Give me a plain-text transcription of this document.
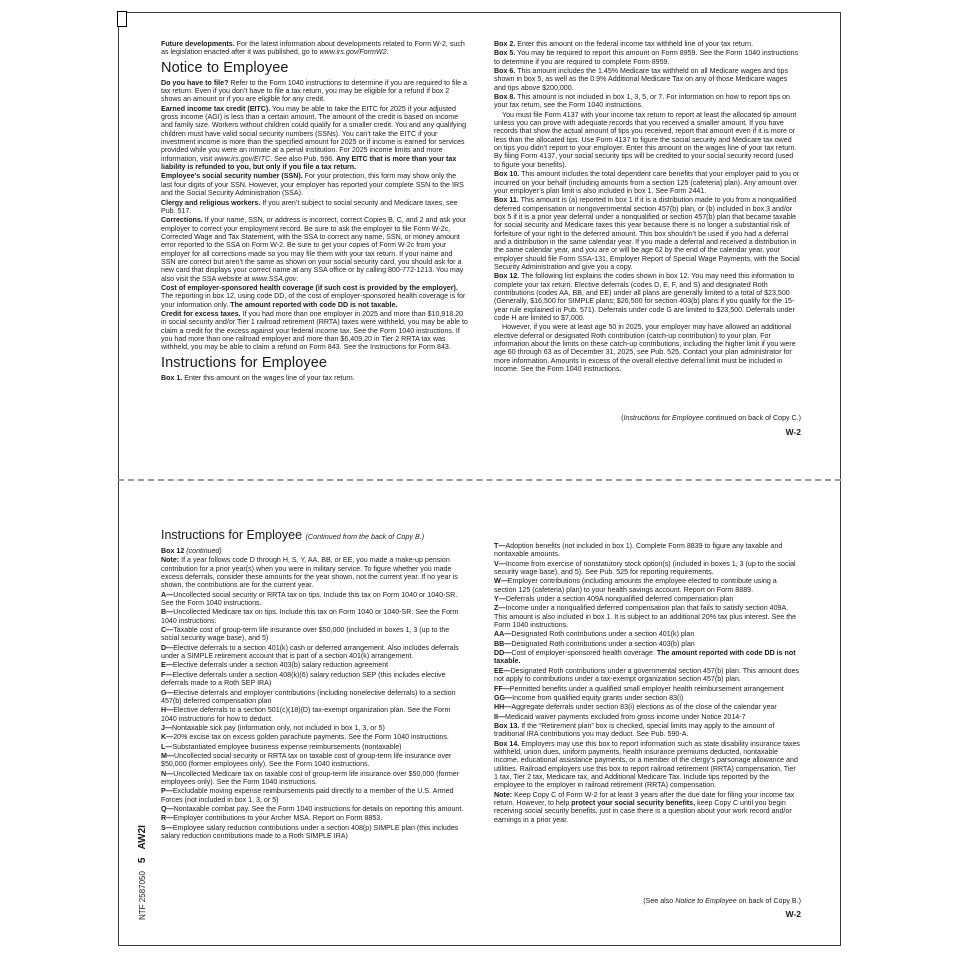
Future developments. For the latest information about developments related to Form W-2, such as legislation enacted after it was published, go to www.irs.gov/FormW2.

Notice to Employee

Do you have to file? Refer to the Form 1040 instructions to determine if you are required to file a tax return. Even if you don’t have to file a tax return, you may be eligible for a refund if box 2 shows an amount or if you are eligible for any credit.

Earned income tax credit (EITC). You may be able to take the EITC for 2025 if your adjusted gross income (AGI) is less than a certain amount. The amount of the credit is based on income and family size. Workers without children could qualify for a smaller credit. You and any qualifying children must have valid social security numbers (SSNs). You can’t take the EITC if your investment income is more than the specified amount for 2025 or if income is earned for services provided while you were an inmate at a penal institution. For 2025 income limits and more information, visit www.irs.gov/EITC. See also Pub. 596. Any EITC that is more than your tax liability is refunded to you, but only if you file a tax return.

Employee’s social security number (SSN). For your protection, this form may show only the last four digits of your SSN. However, your employer has reported your complete SSN to the IRS and the Social Security Administration (SSA).

Clergy and religious workers. If you aren’t subject to social security and Medicare taxes, see Pub. 517.

Corrections. If your name, SSN, or address is incorrect, correct Copies B, C, and 2 and ask your employer to correct your employment record. Be sure to ask the employer to file Form W-2c, Corrected Wage and Tax Statement, with the SSA to correct any name, SSN, or money amount error reported to the SSA on Form W-2. Be sure to get your copies of Form W-2c from your employer for all corrections made so you may file them with your tax return. If your name and SSN are correct but aren’t the same as shown on your social security card, you should ask for a new card that displays your correct name at any SSA office or by calling 800-772-1213. You may also visit the SSA website at www.SSA.gov.

Cost of employer-sponsored health coverage (if such cost is provided by the employer). The reporting in box 12, using code DD, of the cost of employer-sponsored health coverage is for your information only. The amount reported with code DD is not taxable.

Credit for excess taxes. If you had more than one employer in 2025 and more than $10,918.20 in social security and/or Tier 1 railroad retirement (RRTA) taxes were withheld, you may be able to claim a credit for the excess against your federal income tax. See the Form 1040 instructions. If you had more than one railroad employer and more than $6,409.20 in Tier 2 RRTA tax was withheld, you may be able to claim a refund on Form 843. See the Instructions for Form 843.

Instructions for Employee

Box 1. Enter this amount on the wages line of your tax return.

Box 2. Enter this amount on the federal income tax withheld line of your tax return.

Box 5. You may be required to report this amount on Form 8959. See the Form 1040 instructions to determine if you are required to complete Form 8959.

Box 6. This amount includes the 1.45% Medicare tax withheld on all Medicare wages and tips shown in box 5, as well as the 0.9% Additional Medicare Tax on any of those Medicare wages and tips above $200,000.

Box 8. This amount is not included in box 1, 3, 5, or 7. For information on how to report tips on your tax return, see the Form 1040 instructions.

You must file Form 4137 with your income tax return to report at least the allocated tip amount unless you can prove with adequate records that you received a smaller amount. If you have records that show the actual amount of tips you received, report that amount even if it is more or less than the allocated tips. Use Form 4137 to figure the social security and Medicare tax owed on tips you didn’t report to your employer. Enter this amount on the wages line of your tax return. By filing Form 4137, your social security tips will be credited to your social security record (used to figure your benefits).

Box 10. This amount includes the total dependent care benefits that your employer paid to you or incurred on your behalf (including amounts from a section 125 (cafeteria) plan). Any amount over your employer’s plan limit is also included in box 1. See Form 2441.

Box 11. This amount is (a) reported in box 1 if it is a distribution made to you from a nonqualified deferred compensation or nongovernmental section 457(b) plan, or (b) included in box 3 and/or box 5 if it is a prior year deferral under a nonqualified or section 457(b) plan that became taxable for social security and Medicare taxes this year because there is no longer a substantial risk of forfeiture of your right to the deferred amount. This box shouldn’t be used if you had a deferral and a distribution in the same calendar year. If you made a deferral and received a distribution in the same calendar year, and you are or will be age 62 by the end of the calendar year, your employer should file Form SSA-131, Employer Report of Special Wage Payments, with the Social Security Administration and give you a copy.

Box 12. The following list explains the codes shown in box 12. You may need this information to complete your tax return. Elective deferrals (codes D, E, F, and S) and designated Roth contributions (codes AA, BB, and EE) under all plans are generally limited to a total of $23,500 (Generally, $16,500 for SIMPLE plans; $26,500 for section 403(b) plans if you qualify for the 15-year rule explained in Pub. 571). Deferrals under code G are limited to $23,500. Deferrals under code H are limited to $7,000.

However, if you were at least age 50 in 2025, your employer may have allowed an additional elective deferral or designated Roth contribution (catch-up contribution) to your plan. For information about the limits on these catch-up contributions, including the higher limit if you were age 60 through 63 as of December 31, 2025, see Pub. 525. Contact your plan administrator for more information. Amounts in excess of the overall elective deferral limit must be included in income. See the Form 1040 instructions.

(Instructions for Employee continued on back of Copy C.)
W-2
Instructions for Employee (Continued from the back of Copy B.)

Box 12 (continued)

Note: If a year follows code D through H, S, Y, AA, BB, or EE, you made a make-up pension contribution for a prior year(s) when you were in military service. To figure whether you made excess deferrals, consider these amounts for the year shown, not the current year. If no year is shown, the contributions are for the current year.

A—Uncollected social security or RRTA tax on tips. Include this tax on Form 1040 or 1040-SR. See the Form 1040 instructions.

B—Uncollected Medicare tax on tips. Include this tax on Form 1040 or 1040-SR. See the Form 1040 instructions.

C—Taxable cost of group-term life insurance over $50,000 (included in boxes 1, 3 (up to the social security wage base), and 5)

D—Elective deferrals to a section 401(k) cash or deferred arrangement. Also includes deferrals under a SIMPLE retirement account that is part of a section 401(k) arrangement.

E—Elective deferrals under a section 403(b) salary reduction agreement

F—Elective deferrals under a section 408(k)(6) salary reduction SEP (this includes elective deferrals made to a Roth SEP IRA)

G—Elective deferrals and employer contributions (including nonelective deferrals) to a section 457(b) deferred compensation plan

H—Elective deferrals to a section 501(c)(18)(D) tax-exempt organization plan. See the Form 1040 instructions for how to deduct.

J—Nontaxable sick pay (information only, not included in box 1, 3, or 5)

K—20% excise tax on excess golden parachute payments. See the Form 1040 instructions.

L—Substantiated employee business expense reimbursements (nontaxable)

M—Uncollected social security or RRTA tax on taxable cost of group-term life insurance over $50,000 (former employees only). See the Form 1040 instructions.

N—Uncollected Medicare tax on taxable cost of group-term life insurance over $50,000 (former employees only). See the Form 1040 instructions.

P—Excludable moving expense reimbursements paid directly to a member of the U.S. Armed Forces (not included in box 1, 3, or 5)

Q—Nontaxable combat pay. See the Form 1040 instructions for details on reporting this amount.

R—Employer contributions to your Archer MSA. Report on Form 8853.

S—Employee salary reduction contributions under a section 408(p) SIMPLE plan (this includes salary reduction contributions made to a Roth SIMPLE IRA)

T—Adoption benefits (not included in box 1). Complete Form 8839 to figure any taxable and nontaxable amounts.

V—Income from exercise of nonstatutory stock option(s) (included in boxes 1, 3 (up to the social security wage base), and 5). See Pub. 525 for reporting requirements.

W—Employer contributions (including amounts the employee elected to contribute using a section 125 (cafeteria) plan) to your health savings account. Report on Form 8889.

Y—Deferrals under a section 409A nonqualified deferred compensation plan

Z—Income under a nonqualified deferred compensation plan that fails to satisfy section 409A. This amount is also included in box 1. It is subject to an additional 20% tax plus interest. See the Form 1040 instructions.

AA—Designated Roth contributions under a section 401(k) plan

BB—Designated Roth contributions under a section 403(b) plan

DD—Cost of employer-sponsored health coverage. The amount reported with code DD is not taxable.

EE—Designated Roth contributions under a governmental section 457(b) plan. This amount does not apply to contributions under a tax-exempt organization section 457(b) plan.

FF—Permitted benefits under a qualified small employer health reimbursement arrangement

GG—Income from qualified equity grants under section 83(i)

HH—Aggregate deferrals under section 83(i) elections as of the close of the calendar year

II—Medicaid waiver payments excluded from gross income under Notice 2014-7

Box 13. If the “Retirement plan” box is checked, special limits may apply to the amount of traditional IRA contributions you may deduct. See Pub. 590-A.

Box 14. Employers may use this box to report information such as state disability insurance taxes withheld, union dues, uniform payments, health insurance premiums deducted, nontaxable income, educational assistance payments, or a member of the clergy’s parsonage allowance and utilities. Railroad employers use this box to report railroad retirement (RRTA) compensation, Tier 1 tax, Tier 2 tax, Medicare tax, and Additional Medicare Tax. Include tips reported by the employee to the employer in railroad retirement (RRTA) compensation.

Note: Keep Copy C of Form W-2 for at least 3 years after the due date for filing your income tax return. However, to help protect your social security benefits, keep Copy C until you begin receiving social security benefits, just in case there is a question about your work record and/or earnings in a prior year.

(See also Notice to Employee on back of Copy B.)
W-2
NTF 25870505AW2I
